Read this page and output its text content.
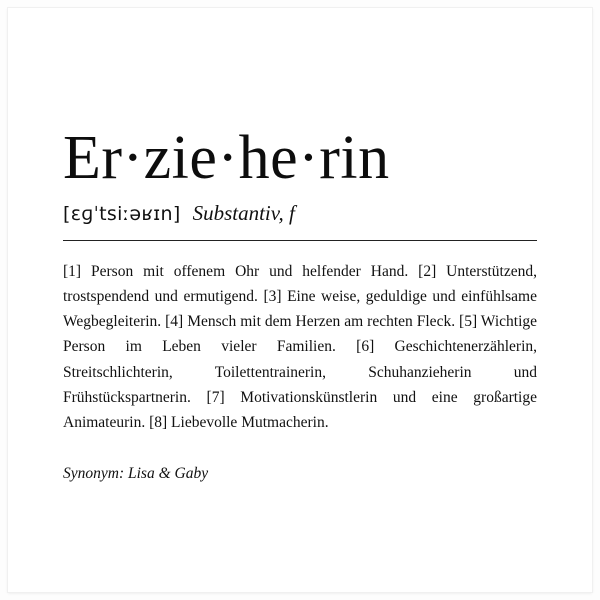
Er·zie·he·rin
[ɛɡˈtsiːəʁɪn] Substantiv, f

[1] Person mit offenem Ohr und helfender Hand. [2] Unterstützend, trostspendend und ermutigend. [3] Eine weise, geduldige und einfühlsame Wegbegleiterin. [4] Mensch mit dem Herzen am rechten Fleck. [5] Wichtige Person im Leben vieler Familien. [6] Geschichtenerzählerin, Streitschlichterin, Toilettentrainerin, Schuhanzieherin und Frühstückspartnerin. [7] Motivationskünstlerin und eine großartige Animateurin. [8] Liebevolle Mutmacherin.

Synonym: Lisa & Gaby
